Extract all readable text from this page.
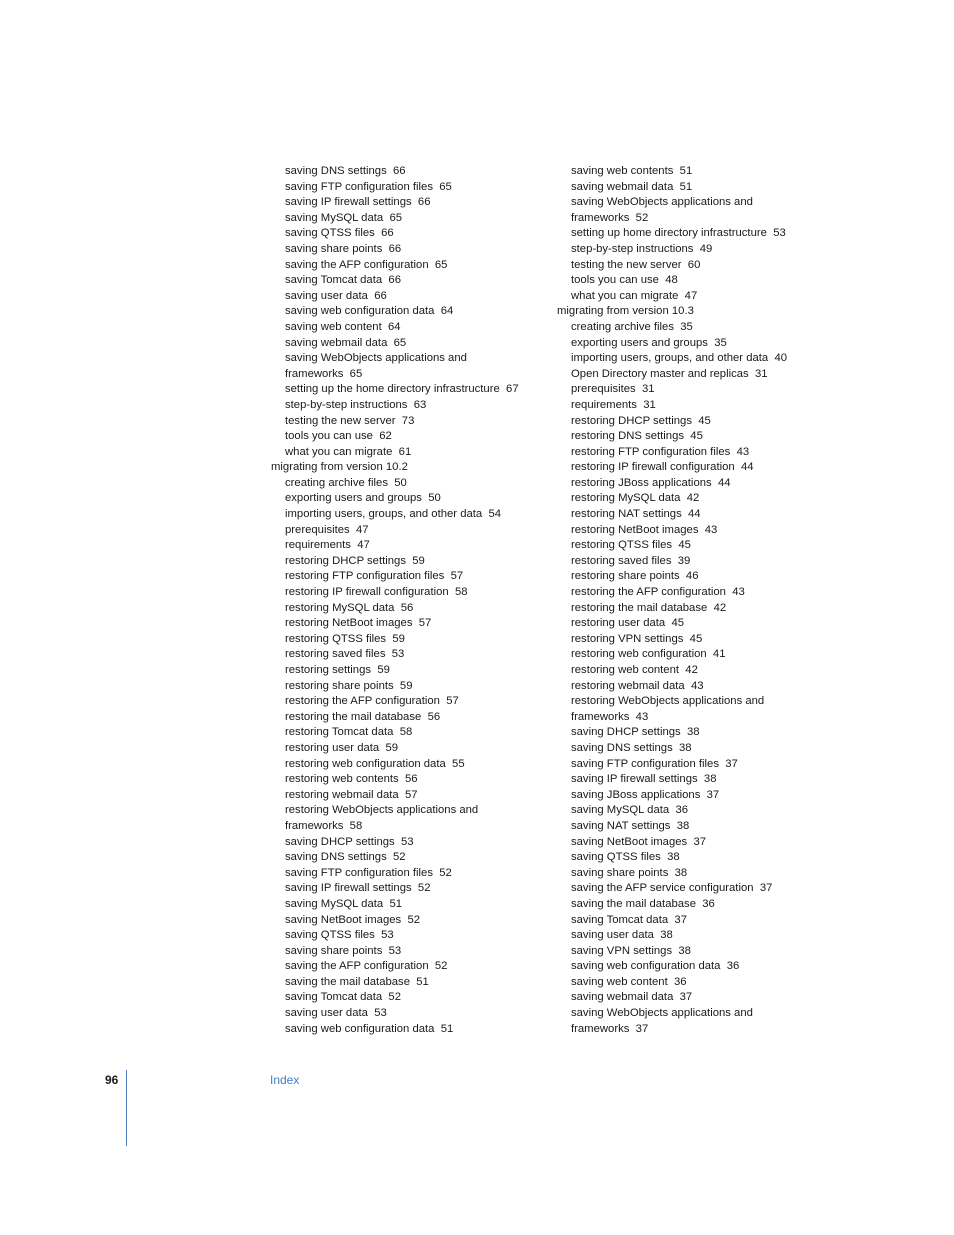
saving DNS settings 66
saving FTP configuration files 65
saving IP firewall settings 66
saving MySQL data 65
saving QTSS files 66
saving share points 66
saving the AFP configuration 65
saving Tomcat data 66
saving user data 66
saving web configuration data 64
saving web content 64
saving webmail data 65
saving WebObjects applications and
frameworks 65
setting up the home directory infrastructure 67
step-by-step instructions 63
testing the new server 73
tools you can use 62
what you can migrate 61
migrating from version 10.2
creating archive files 50
exporting users and groups 50
importing users, groups, and other data 54
prerequisites 47
requirements 47
restoring DHCP settings 59
restoring FTP configuration files 57
restoring IP firewall configuration 58
restoring MySQL data 56
restoring NetBoot images 57
restoring QTSS files 59
restoring saved files 53
restoring settings 59
restoring share points 59
restoring the AFP configuration 57
restoring the mail database 56
restoring Tomcat data 58
restoring user data 59
restoring web configuration data 55
restoring web contents 56
restoring webmail data 57
restoring WebObjects applications and
frameworks 58
saving DHCP settings 53
saving DNS settings 52
saving FTP configuration files 52
saving IP firewall settings 52
saving MySQL data 51
saving NetBoot images 52
saving QTSS files 53
saving share points 53
saving the AFP configuration 52
saving the mail database 51
saving Tomcat data 52
saving user data 53
saving web configuration data 51
saving web contents 51
saving webmail data 51
saving WebObjects applications and
frameworks 52
setting up home directory infrastructure 53
step-by-step instructions 49
testing the new server 60
tools you can use 48
what you can migrate 47
migrating from version 10.3
creating archive files 35
exporting users and groups 35
importing users, groups, and other data 40
Open Directory master and replicas 31
prerequisites 31
requirements 31
restoring DHCP settings 45
restoring DNS settings 45
restoring FTP configuration files 43
restoring IP firewall configuration 44
restoring JBoss applications 44
restoring MySQL data 42
restoring NAT settings 44
restoring NetBoot images 43
restoring QTSS files 45
restoring saved files 39
restoring share points 46
restoring the AFP configuration 43
restoring the mail database 42
restoring user data 45
restoring VPN settings 45
restoring web configuration 41
restoring web content 42
restoring webmail data 43
restoring WebObjects applications and
frameworks 43
saving DHCP settings 38
saving DNS settings 38
saving FTP configuration files 37
saving IP firewall settings 38
saving JBoss applications 37
saving MySQL data 36
saving NAT settings 38
saving NetBoot images 37
saving QTSS files 38
saving share points 38
saving the AFP service configuration 37
saving the mail database 36
saving Tomcat data 37
saving user data 38
saving VPN settings 38
saving web configuration data 36
saving web content 36
saving webmail data 37
saving WebObjects applications and
frameworks 37
96	Index
